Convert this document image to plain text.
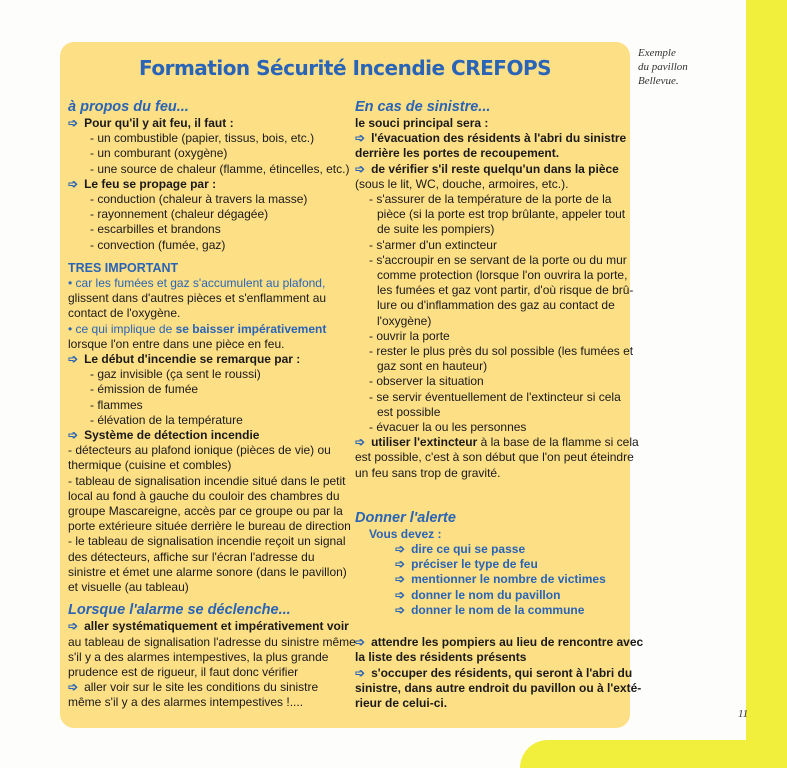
Formation Sécurité Incendie CREFOPS
Exemple
du pavillon
Bellevue.
11
à propos du feu...
➩ Pour qu'il y ait feu, il faut :
- un combustible (papier, tissus, bois, etc.)
- un comburant (oxygène)
- une source de chaleur (flamme, étincelles, etc.)
➩ Le feu se propage par :
- conduction (chaleur à travers la masse)
- rayonnement (chaleur dégagée)
- escarbilles et brandons
- convection (fumée, gaz)
TRES IMPORTANT
• car les fumées et gaz s'accumulent au plafond,
glissent dans d'autres pièces et s'enflamment au
contact de l'oxygène.
• ce qui implique de se baisser impérativement
lorsque l'on entre dans une pièce en feu.
➩ Le début d'incendie se remarque par :
- gaz invisible (ça sent le roussi)
- émission de fumée
- flammes
- élévation de la température
➩ Système de détection incendie
- détecteurs au plafond ionique (pièces de vie) ou
thermique (cuisine et combles)
- tableau de signalisation incendie situé dans le petit
local au fond à gauche du couloir des chambres du
groupe Mascareigne, accès par ce groupe ou par la
porte extérieure située derrière le bureau de direction
- le tableau de signalisation incendie reçoit un signal
des détecteurs, affiche sur l'écran l'adresse du
sinistre et émet une alarme sonore (dans le pavillon)
et visuelle (au tableau)
Lorsque l'alarme se déclenche...
➩ aller systématiquement et impérativement voir
au tableau de signalisation l'adresse du sinistre même
s'il y a des alarmes intempestives, la plus grande
prudence est de rigueur, il faut donc vérifier
➩ aller voir sur le site les conditions du sinistre
même s'il y a des alarmes intempestives !....
En cas de sinistre...
le souci principal sera :
➩ l'évacuation des résidents à l'abri du sinistre
derrière les portes de recoupement.
➩ de vérifier s'il reste quelqu'un dans la pièce
(sous le lit, WC, douche, armoires, etc.).
- s'assurer de la température de la porte de la
pièce (si la porte est trop brûlante, appeler tout
de suite les pompiers)
- s'armer d'un extincteur
- s'accroupir en se servant de la porte ou du mur
comme protection (lorsque l'on ouvrira la porte,
les fumées et gaz vont partir, d'où risque de brû-
lure ou d'inflammation des gaz au contact de
l'oxygène)
- ouvrir la porte
- rester le plus près du sol possible (les fumées et
gaz sont en hauteur)
- observer la situation
- se servir éventuellement de l'extincteur si cela
est possible
- évacuer la ou les personnes
➩ utiliser l'extincteur à la base de la flamme si cela
est possible, c'est à son début que l'on peut éteindre
un feu sans trop de gravité.
Donner l'alerte
Vous devez :
➩ dire ce qui se passe
➩ préciser le type de feu
➩ mentionner le nombre de victimes
➩ donner le nom du pavillon
➩ donner le nom de la commune
➩ attendre les pompiers au lieu de rencontre avec
la liste des résidents présents
➩ s'occuper des résidents, qui seront à l'abri du
sinistre, dans autre endroit du pavillon ou à l'exté-
rieur de celui-ci.
